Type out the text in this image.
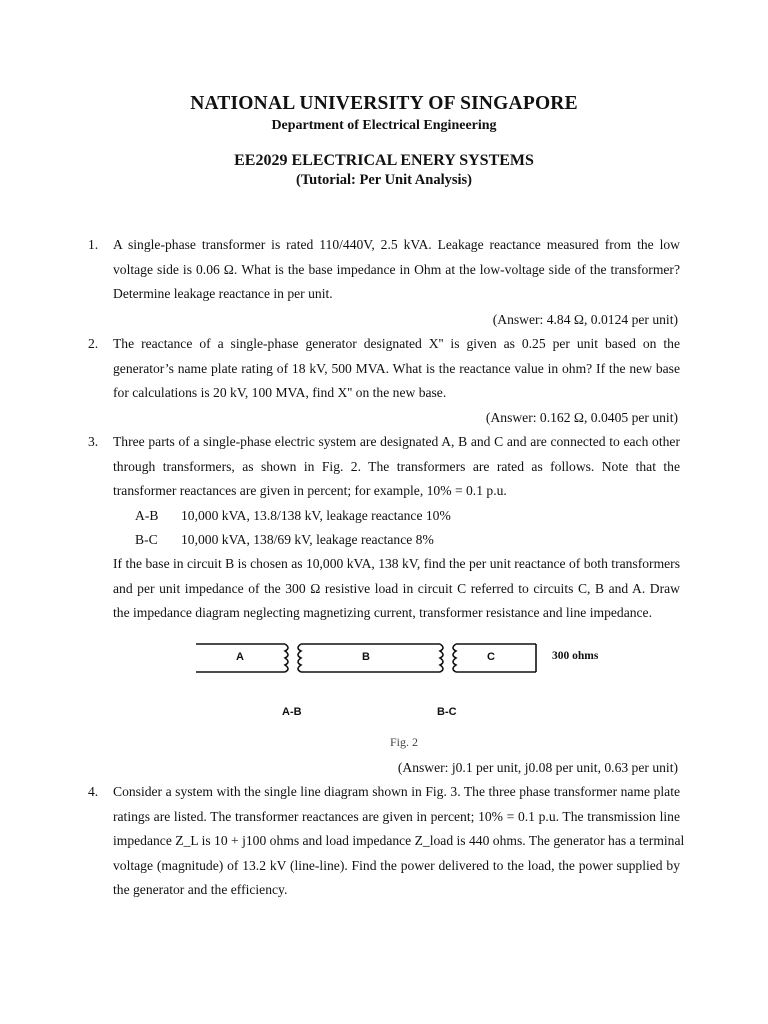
NATIONAL UNIVERSITY OF SINGAPORE
Department of Electrical Engineering
EE2029 ELECTRICAL ENERY SYSTEMS
(Tutorial: Per Unit Analysis)
1. A single-phase transformer is rated 110/440V, 2.5 kVA. Leakage reactance measured from the low
voltage side is 0.06 Ω. What is the base impedance in Ohm at the low-voltage side of the transformer?
Determine leakage reactance in per unit.
(Answer: 4.84 Ω, 0.0124 per unit)
2. The reactance of a single-phase generator designated X'' is given as 0.25 per unit based on the
generator’s name plate rating of 18 kV, 500 MVA. What is the reactance value in ohm? If the new base
for calculations is 20 kV, 100 MVA, find X'' on the new base.
(Answer: 0.162 Ω, 0.0405 per unit)
3. Three parts of a single-phase electric system are designated A, B and C and are connected to each other
through transformers, as shown in Fig. 2. The transformers are rated as follows. Note that the
transformer reactances are given in percent; for example, 10% = 0.1 p.u.
A-B 10,000 kVA, 13.8/138 kV, leakage reactance 10%
B-C 10,000 kVA, 138/69 kV, leakage reactance 8%
If the base in circuit B is chosen as 10,000 kVA, 138 kV, find the per unit reactance of both transformers
and per unit impedance of the 300 Ω resistive load in circuit C referred to circuits C, B and A. Draw
the impedance diagram neglecting magnetizing current, transformer resistance and line impedance.
A	B	C	300 ohms
A-B	B-C
Fig. 2
(Answer: j0.1 per unit, j0.08 per unit, 0.63 per unit)
4. Consider a system with the single line diagram shown in Fig. 3. The three phase transformer name plate
ratings are listed. The transformer reactances are given in percent; 10% = 0.1 p.u. The transmission line
impedance Z_L is 10 + j100 ohms and load impedance Z_load is 440 ohms. The generator has a terminal
voltage (magnitude) of 13.2 kV (line-line). Find the power delivered to the load, the power supplied by
the generator and the efficiency.
